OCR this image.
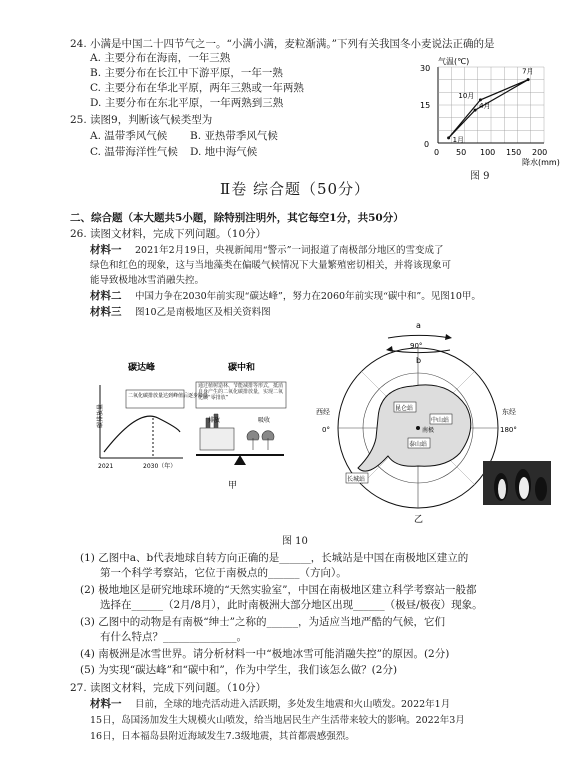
24. 小满是中国二十四节气之一。“小满小满，麦粒渐满。”下列有关我国冬小麦说法正确的是
A. 主要分布在海南，一年三熟
B. 主要分布在长江中下游平原，一年一熟
C. 主要分布在华北平原，两年三熟或一年两熟
D. 主要分布在东北平原，一年两熟到三熟
25. 读图9，判断该气候类型为
A. 温带季风气候 B. 亚热带季风气候
C. 温带海洋性气候 D. 地中海气候
气温(℃)
30
15
0
0 50 100 150 200
降水(mm)
1月
4月
7月
10月
图 9
Ⅱ卷 综合题（50分）
二、综合题（本大题共5小题，除特别注明外，其它每空1分，共50分）
26. 读图文材料，完成下列问题。（10分）
材料一 2021年2月19日，央视新闻用“警示”一词报道了南极部分地区的雪变成了
绿色和红色的现象，这与当地藻类在偏暖气候情况下大量繁殖密切相关，并将该现象可
能导致极地冰雪消融失控。
材料二 中国力争在2030年前实现“碳达峰”，努力在2060年前实现“碳中和”。见图10甲。
材料三 图10乙是南极地区及相关资料图
碳达峰	碳中和
碳排放量
二氧化碳排放量达到峰值后逐步降低
2021	2030（年）
通过植树造林、节能减排等形式，抵消自身产生的二氧化碳排放量，实现二氧化碳“零排放”
排放	吸收
甲
a
b
90°
西经
0°
东经
180°
昆仑站
中山站
长城站
泰山站
南极
乙
图 10
(1) 乙图中a、b代表地球自转方向正确的是______，长城站是中国在南极地区建立的
第一个科学考察站，它位于南极点的______（方向）。
(2) 极地地区是研究地球环境的“天然实验室”，中国在南极地区建立科学考察站一般都
选择在______（2月/8月），此时南极洲大部分地区出现______（极昼/极夜）现象。
(3) 乙图中的动物是有南极“绅士”之称的______，为适应当地严酷的气候，它们
有什么特点？______________。
(4) 南极洲是冰雪世界。请分析材料一中“极地冰雪可能消融失控”的原因。(2分)
(5) 为实现“碳达峰”和“碳中和”，作为中学生，我们该怎么做？(2分)
27. 读图文材料，完成下列问题。（10分）
材料一 目前，全球的地壳活动进入活跃期，多处发生地震和火山喷发。2022年1月
15日，岛国汤加发生大规模火山喷发，给当地居民生产生活带来较大的影响。2022年3月
16日，日本福岛县附近海域发生7.3级地震，其首都震感强烈。
